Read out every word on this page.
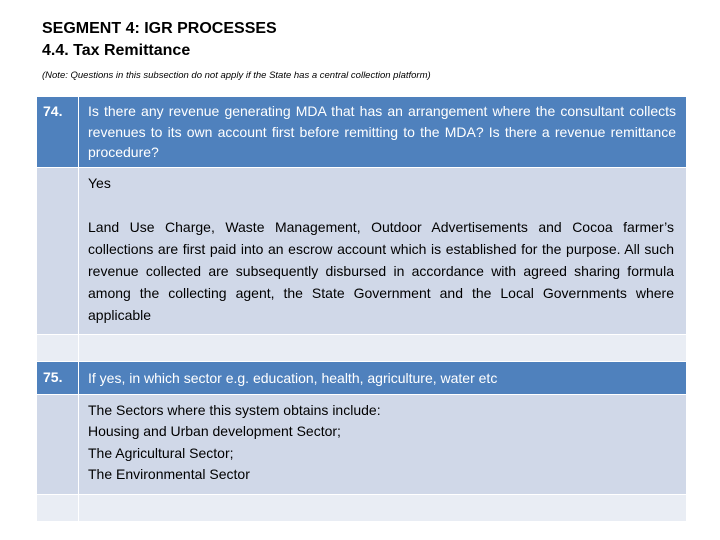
SEGMENT 4: IGR PROCESSES
4.4. Tax Remittance
(Note: Questions in this subsection do not apply if the State has a central collection platform)
74.	Is there any revenue generating MDA that has an arrangement where the consultant collects revenues to its own account first before remitting to the MDA? Is there a revenue remittance procedure?

	Yes

Land Use Charge, Waste Management, Outdoor Advertisements and Cocoa farmer’s collections are first paid into an escrow account which is established for the purpose. All such revenue collected are subsequently disbursed in accordance with agreed sharing formula among the collecting agent, the State Government and the Local Governments where applicable

75.	If yes, in which sector e.g. education, health, agriculture, water etc

	The Sectors where this system obtains include:
Housing and Urban development Sector;
The Agricultural Sector;
The Environmental Sector
